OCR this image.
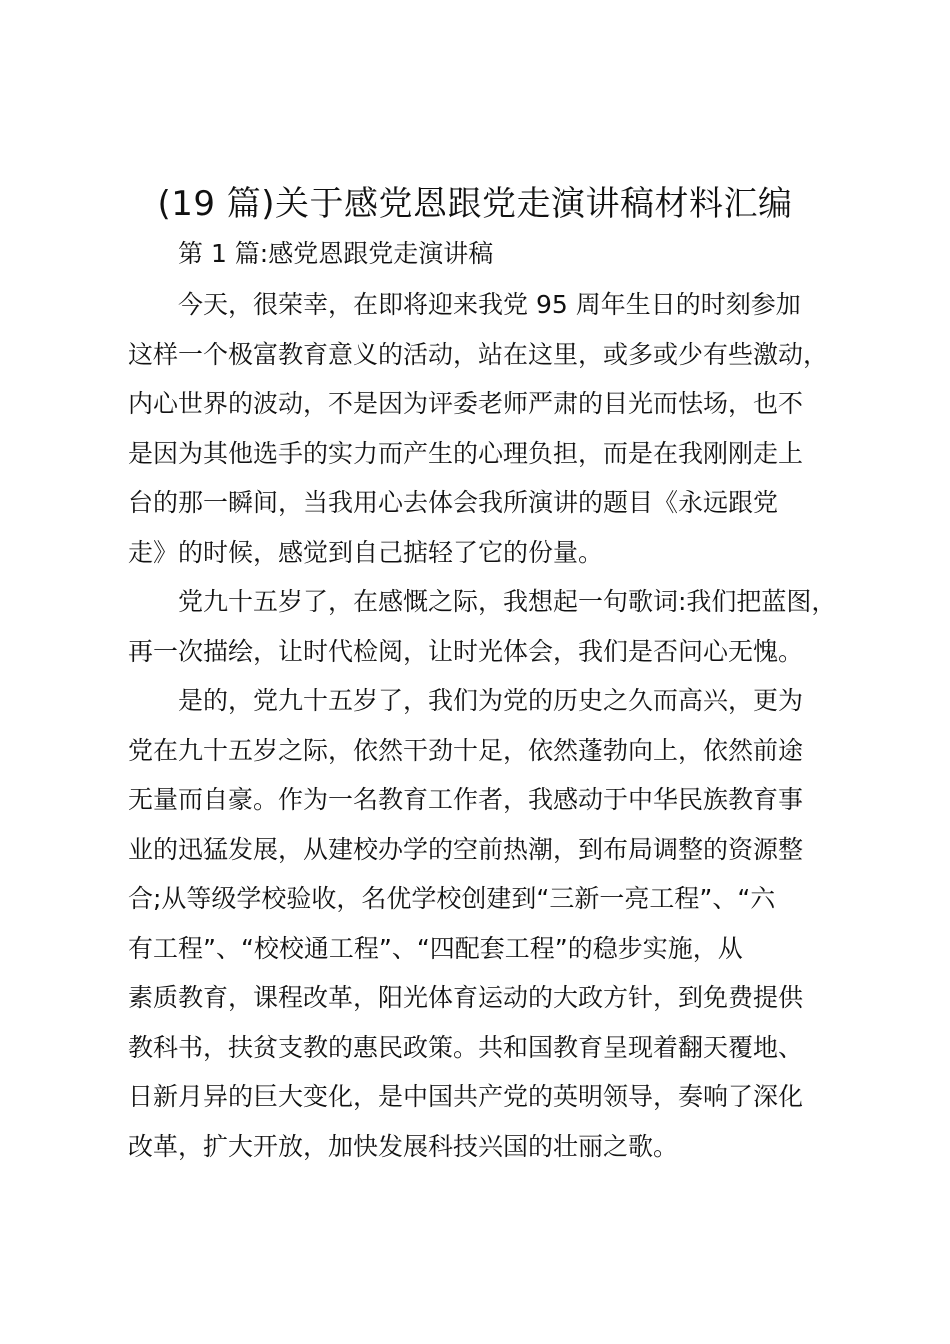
(19 篇)关于感党恩跟党走演讲稿材料汇编
第 1 篇:感党恩跟党走演讲稿
今天，很荣幸，在即将迎来我党 95 周年生日的时刻参加
这样一个极富教育意义的活动，站在这里，或多或少有些激动，
内心世界的波动，不是因为评委老师严肃的目光而怯场，也不
是因为其他选手的实力而产生的心理负担，而是在我刚刚走上
台的那一瞬间，当我用心去体会我所演讲的题目《永远跟党
走》的时候，感觉到自己掂轻了它的份量。
党九十五岁了，在感慨之际，我想起一句歌词:我们把蓝图，
再一次描绘，让时代检阅，让时光体会，我们是否问心无愧。
是的，党九十五岁了，我们为党的历史之久而高兴，更为
党在九十五岁之际，依然干劲十足，依然蓬勃向上，依然前途
无量而自豪。作为一名教育工作者，我感动于中华民族教育事
业的迅猛发展，从建校办学的空前热潮，到布局调整的资源整
合;从等级学校验收，名优学校创建到“三新一亮工程”、“六
有工程”、“校校通工程”、“四配套工程”的稳步实施，从
素质教育，课程改革，阳光体育运动的大政方针，到免费提供
教科书，扶贫支教的惠民政策。共和国教育呈现着翻天覆地、
日新月异的巨大变化，是中国共产党的英明领导，奏响了深化
改革，扩大开放，加快发展科技兴国的壮丽之歌。
